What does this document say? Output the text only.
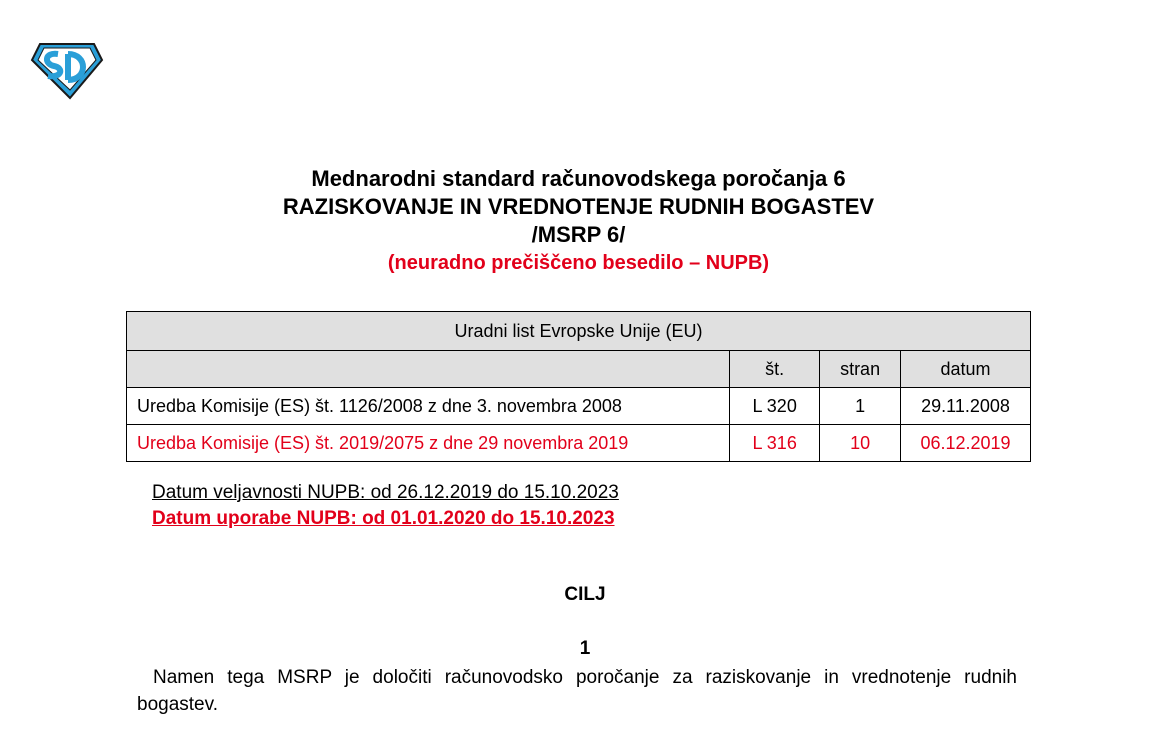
Mednarodni standard računovodskega poročanja 6
RAZISKOVANJE IN VREDNOTENJE RUDNIH BOGASTEV
/MSRP 6/
(neuradno prečiščeno besedilo – NUPB)
Uradni list Evropske Unije (EU)			
	št.	stran	datum
Uredba Komisije (ES) št. 1126/2008 z dne 3. novembra 2008	L 320	1	29.11.2008
Uredba Komisije (ES) št. 2019/2075 z dne 29 novembra 2019	L 316	10	06.12.2019
Datum veljavnosti NUPB: od 26.12.2019 do 15.10.2023
Datum uporabe NUPB: od 01.01.2020 do 15.10.2023
CILJ
1
Namen tega MSRP je določiti računovodsko poročanje za raziskovanje in vrednotenje rudnih bogastev.
